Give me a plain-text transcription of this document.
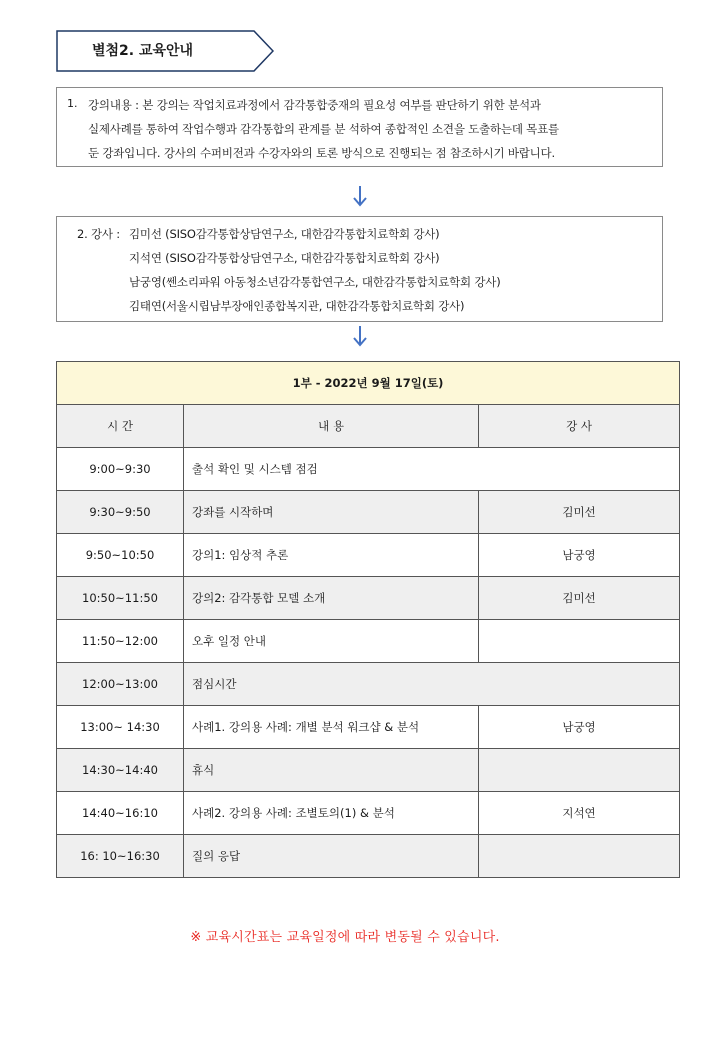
별첨2. 교육안내
1. 강의내용 : 본 강의는 작업치료과정에서 감각통합중재의 필요성 여부를 판단하기 위한 분석과
실제사례를 통하여 작업수행과 감각통합의 관계를 분 석하여 종합적인 소견을 도출하는데 목표를
둔 강좌입니다. 강사의 수퍼비전과 수강자와의 토론 방식으로 진행되는 점 참조하시기 바랍니다.
2. 강사 : 김미선 (SISO감각통합상담연구소, 대한감각통합치료학회 강사)
지석연 (SISO감각통합상담연구소, 대한감각통합치료학회 강사)
남궁영(쎈소리파워 아동청소년감각통합연구소, 대한감각통합치료학회 강사)
김태연(서울시립남부장애인종합복지관, 대한감각통합치료학회 강사)
1부 - 2022년 9월 17일(토)		
시 간	내 용	강 사
9:00~9:30	출석 확인 및 시스템 점검	
9:30~9:50	강좌를 시작하며	김미선
9:50~10:50	강의1: 임상적 추론	남궁영
10:50~11:50	강의2: 감각통합 모델 소개	김미선
11:50~12:00	오후 일정 안내	
12:00~13:00	점심시간	
13:00~ 14:30	사례1. 강의용 사례: 개별 분석 워크샵 & 분석	남궁영
14:30~14:40	휴식	
14:40~16:10	사례2. 강의용 사례: 조별토의(1) & 분석	지석연
16: 10~16:30	질의 응답	
※ 교육시간표는 교육일정에 따라 변동될 수 있습니다.
